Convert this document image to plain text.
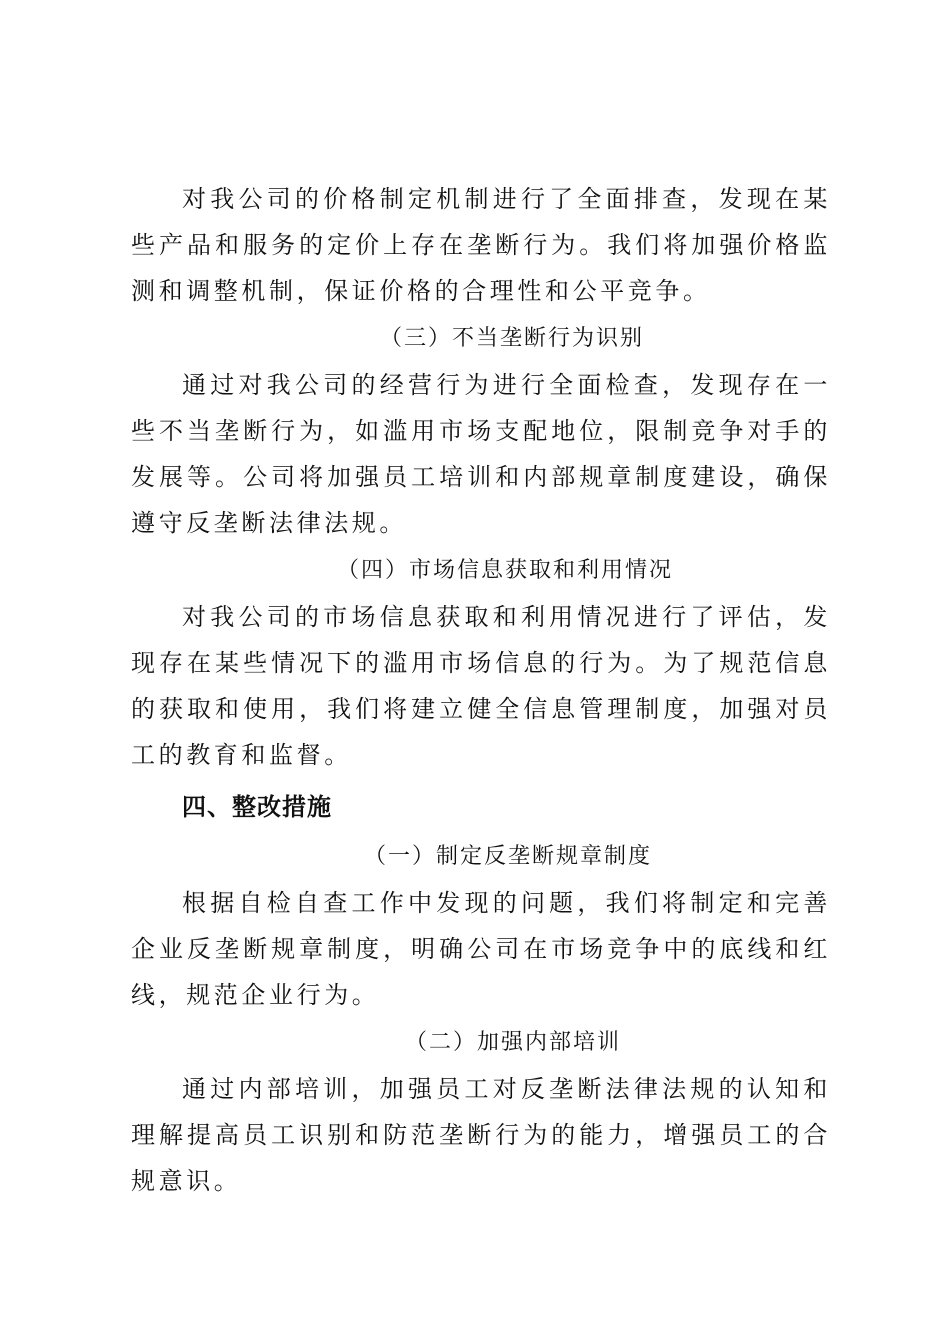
对我公司的价格制定机制进行了全面排查，发现在某些产品和服务的定价上存在垄断行为。我们将加强价格监测和调整机制，保证价格的合理性和公平竞争。

（三）不当垄断行为识别

通过对我公司的经营行为进行全面检查，发现存在一些不当垄断行为，如滥用市场支配地位，限制竞争对手的发展等。公司将加强员工培训和内部规章制度建设，确保遵守反垄断法律法规。

（四）市场信息获取和利用情况

对我公司的市场信息获取和利用情况进行了评估，发现存在某些情况下的滥用市场信息的行为。为了规范信息的获取和使用，我们将建立健全信息管理制度，加强对员工的教育和监督。

四、整改措施

（一）制定反垄断规章制度

根据自检自查工作中发现的问题，我们将制定和完善企业反垄断规章制度，明确公司在市场竞争中的底线和红线，规范企业行为。

（二）加强内部培训

通过内部培训，加强员工对反垄断法律法规的认知和理解提高员工识别和防范垄断行为的能力，增强员工的合规意识。
